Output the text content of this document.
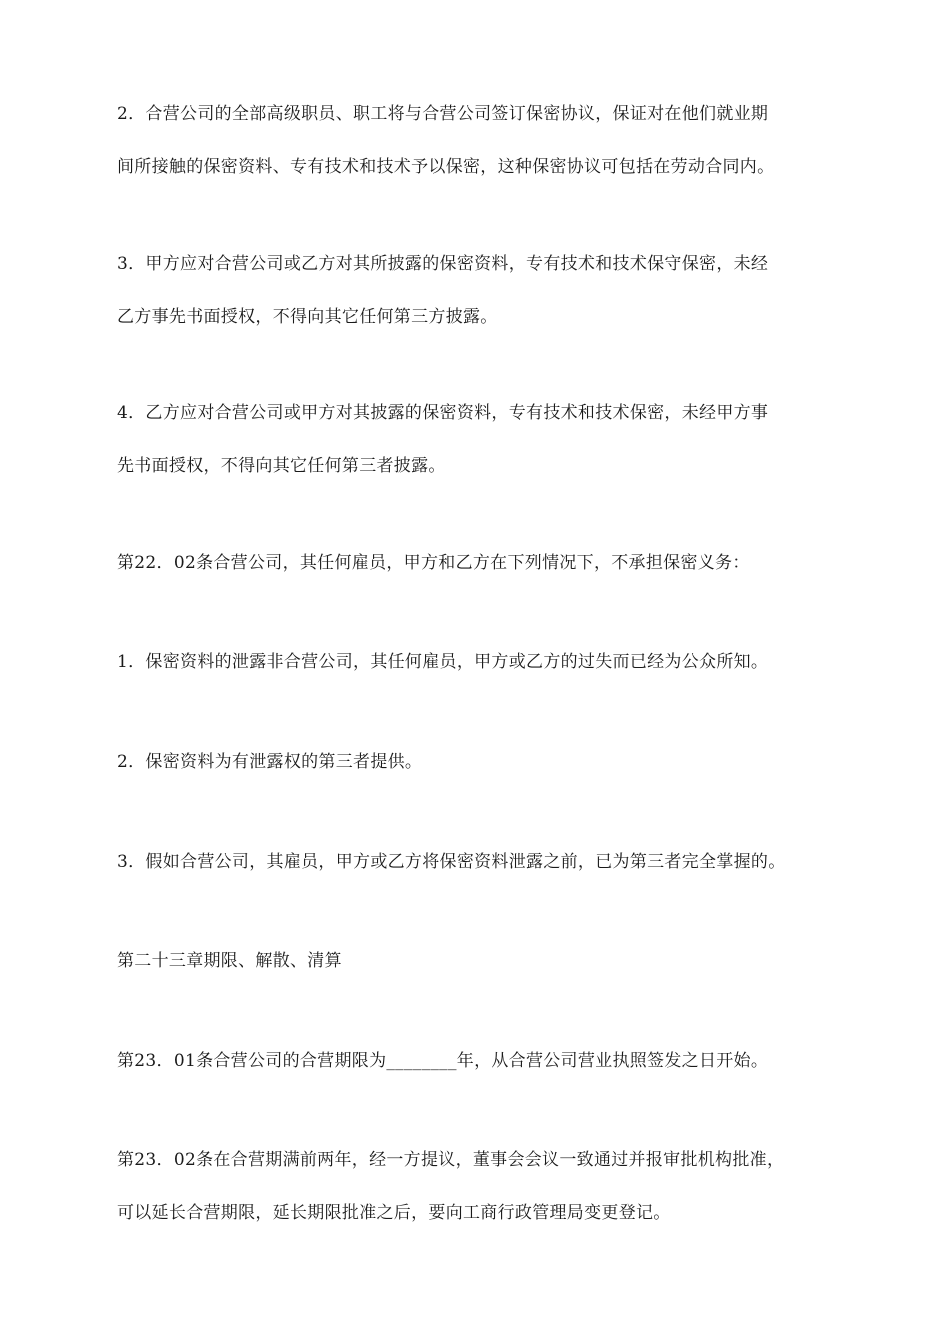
2．合营公司的全部高级职员、职工将与合营公司签订保密协议，保证对在他们就业期
间所接触的保密资料、专有技术和技术予以保密，这种保密协议可包括在劳动合同内。

3．甲方应对合营公司或乙方对其所披露的保密资料，专有技术和技术保守保密，未经
乙方事先书面授权，不得向其它任何第三方披露。

4．乙方应对合营公司或甲方对其披露的保密资料，专有技术和技术保密，未经甲方事
先书面授权，不得向其它任何第三者披露。

第22．02条合营公司，其任何雇员，甲方和乙方在下列情况下，不承担保密义务：

1．保密资料的泄露非合营公司，其任何雇员，甲方或乙方的过失而已经为公众所知。

2．保密资料为有泄露权的第三者提供。

3．假如合营公司，其雇员，甲方或乙方将保密资料泄露之前，已为第三者完全掌握的。

第二十三章期限、解散、清算

第23．01条合营公司的合营期限为________年，从合营公司营业执照签发之日开始。

第23．02条在合营期满前两年，经一方提议，董事会会议一致通过并报审批机构批准，
可以延长合营期限，延长期限批准之后，要向工商行政管理局变更登记。
